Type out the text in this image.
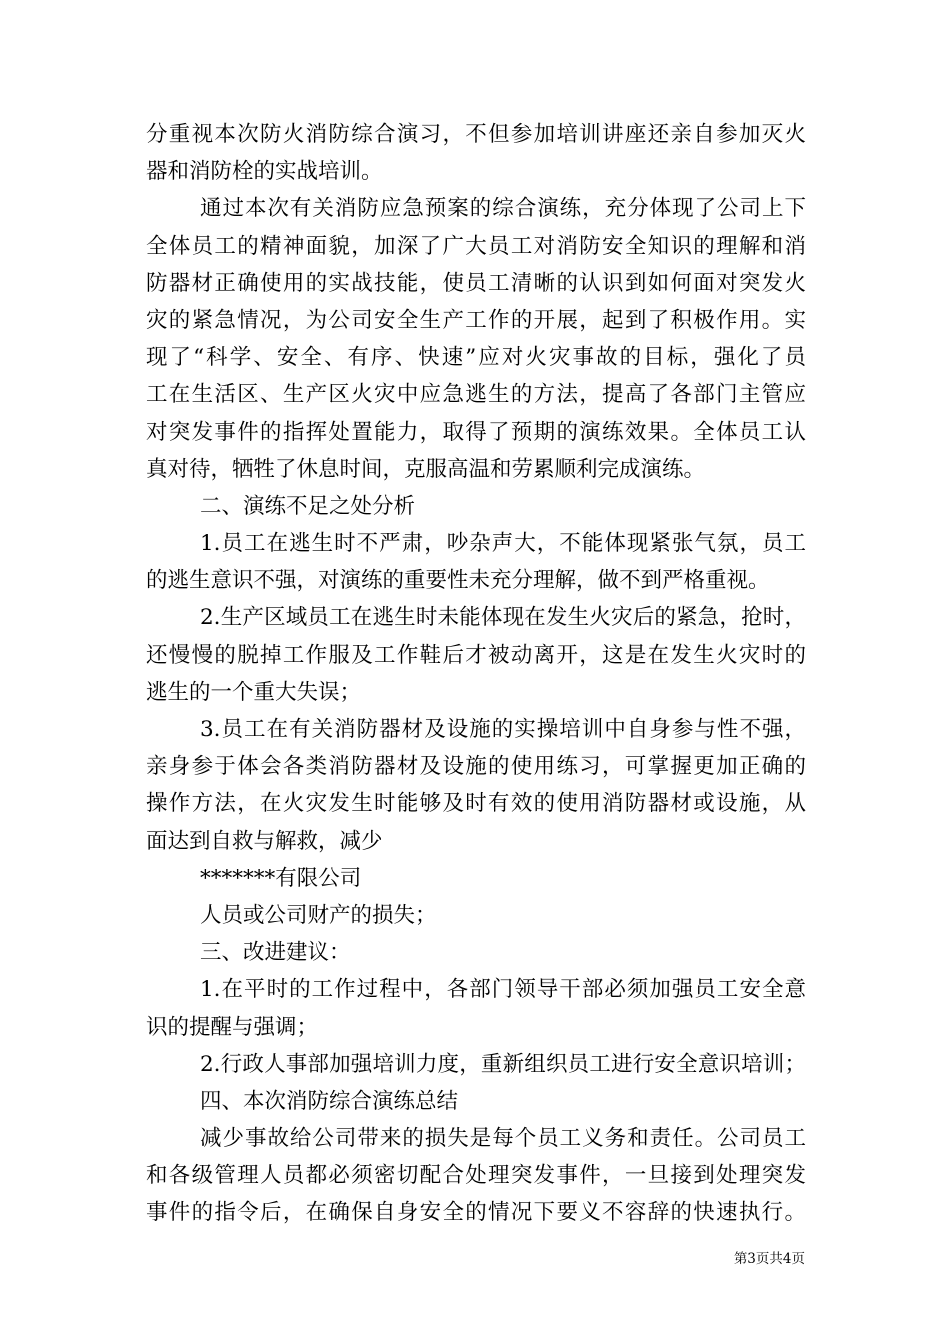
分重视本次防火消防综合演习，不但参加培训讲座还亲自参加灭火
器和消防栓的实战培训。
通过本次有关消防应急预案的综合演练，充分体现了公司上下
全体员工的精神面貌，加深了广大员工对消防安全知识的理解和消
防器材正确使用的实战技能，使员工清晰的认识到如何面对突发火
灾的紧急情况，为公司安全生产工作的开展，起到了积极作用。实
现了“科学、安全、有序、快速”应对火灾事故的目标，强化了员
工在生活区、生产区火灾中应急逃生的方法，提高了各部门主管应
对突发事件的指挥处置能力，取得了预期的演练效果。全体员工认
真对待，牺牲了休息时间，克服高温和劳累顺利完成演练。
二、演练不足之处分析
1.员工在逃生时不严肃，吵杂声大，不能体现紧张气氛，员工
的逃生意识不强，对演练的重要性未充分理解，做不到严格重视。
2.生产区域员工在逃生时未能体现在发生火灾后的紧急，抢时，
还慢慢的脱掉工作服及工作鞋后才被动离开，这是在发生火灾时的
逃生的一个重大失误；
3.员工在有关消防器材及设施的实操培训中自身参与性不强，
亲身参于体会各类消防器材及设施的使用练习，可掌握更加正确的
操作方法，在火灾发生时能够及时有效的使用消防器材或设施，从
面达到自救与解救，减少
*******有限公司
人员或公司财产的损失；
三、改进建议：
1.在平时的工作过程中，各部门领导干部必须加强员工安全意
识的提醒与强调；
2.行政人事部加强培训力度，重新组织员工进行安全意识培训；
四、本次消防综合演练总结
减少事故给公司带来的损失是每个员工义务和责任。公司员工
和各级管理人员都必须密切配合处理突发事件，一旦接到处理突发
事件的指令后，在确保自身安全的情况下要义不容辞的快速执行。
第3页共4页
